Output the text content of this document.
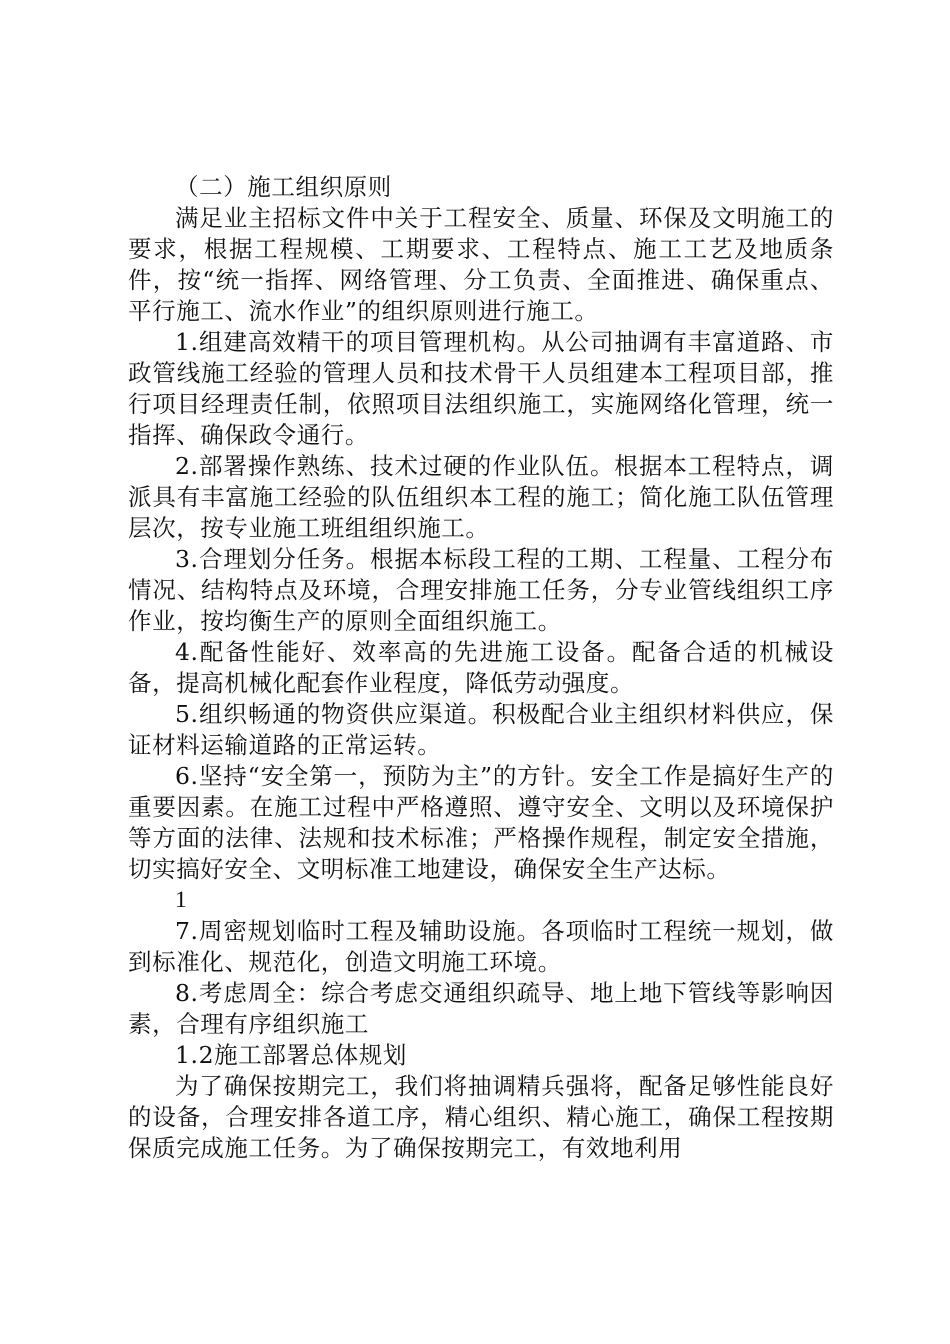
（二）施工组织原则

满足业主招标文件中关于工程安全、质量、环保及文明施工的要求，根据工程规模、工期要求、工程特点、施工工艺及地质条件，按“统一指挥、网络管理、分工负责、全面推进、确保重点、平行施工、流水作业”的组织原则进行施工。

1.组建高效精干的项目管理机构。从公司抽调有丰富道路、市政管线施工经验的管理人员和技术骨干人员组建本工程项目部，推行项目经理责任制，依照项目法组织施工，实施网络化管理，统一指挥、确保政令通行。

2.部署操作熟练、技术过硬的作业队伍。根据本工程特点，调派具有丰富施工经验的队伍组织本工程的施工；简化施工队伍管理层次，按专业施工班组组织施工。

3.合理划分任务。根据本标段工程的工期、工程量、工程分布情况、结构特点及环境，合理安排施工任务，分专业管线组织工序作业，按均衡生产的原则全面组织施工。

4.配备性能好、效率高的先进施工设备。配备合适的机械设备，提高机械化配套作业程度，降低劳动强度。

5.组织畅通的物资供应渠道。积极配合业主组织材料供应，保证材料运输道路的正常运转。

6.坚持“安全第一，预防为主”的方针。安全工作是搞好生产的重要因素。在施工过程中严格遵照、遵守安全、文明以及环境保护等方面的法律、法规和技术标准；严格操作规程，制定安全措施，切实搞好安全、文明标准工地建设，确保安全生产达标。

1

7.周密规划临时工程及辅助设施。各项临时工程统一规划，做到标准化、规范化，创造文明施工环境。

8.考虑周全：综合考虑交通组织疏导、地上地下管线等影响因素，合理有序组织施工

1.2施工部署总体规划

为了确保按期完工，我们将抽调精兵强将，配备足够性能良好的设备，合理安排各道工序，精心组织、精心施工，确保工程按期保质完成施工任务。为了确保按期完工，有效地利用
